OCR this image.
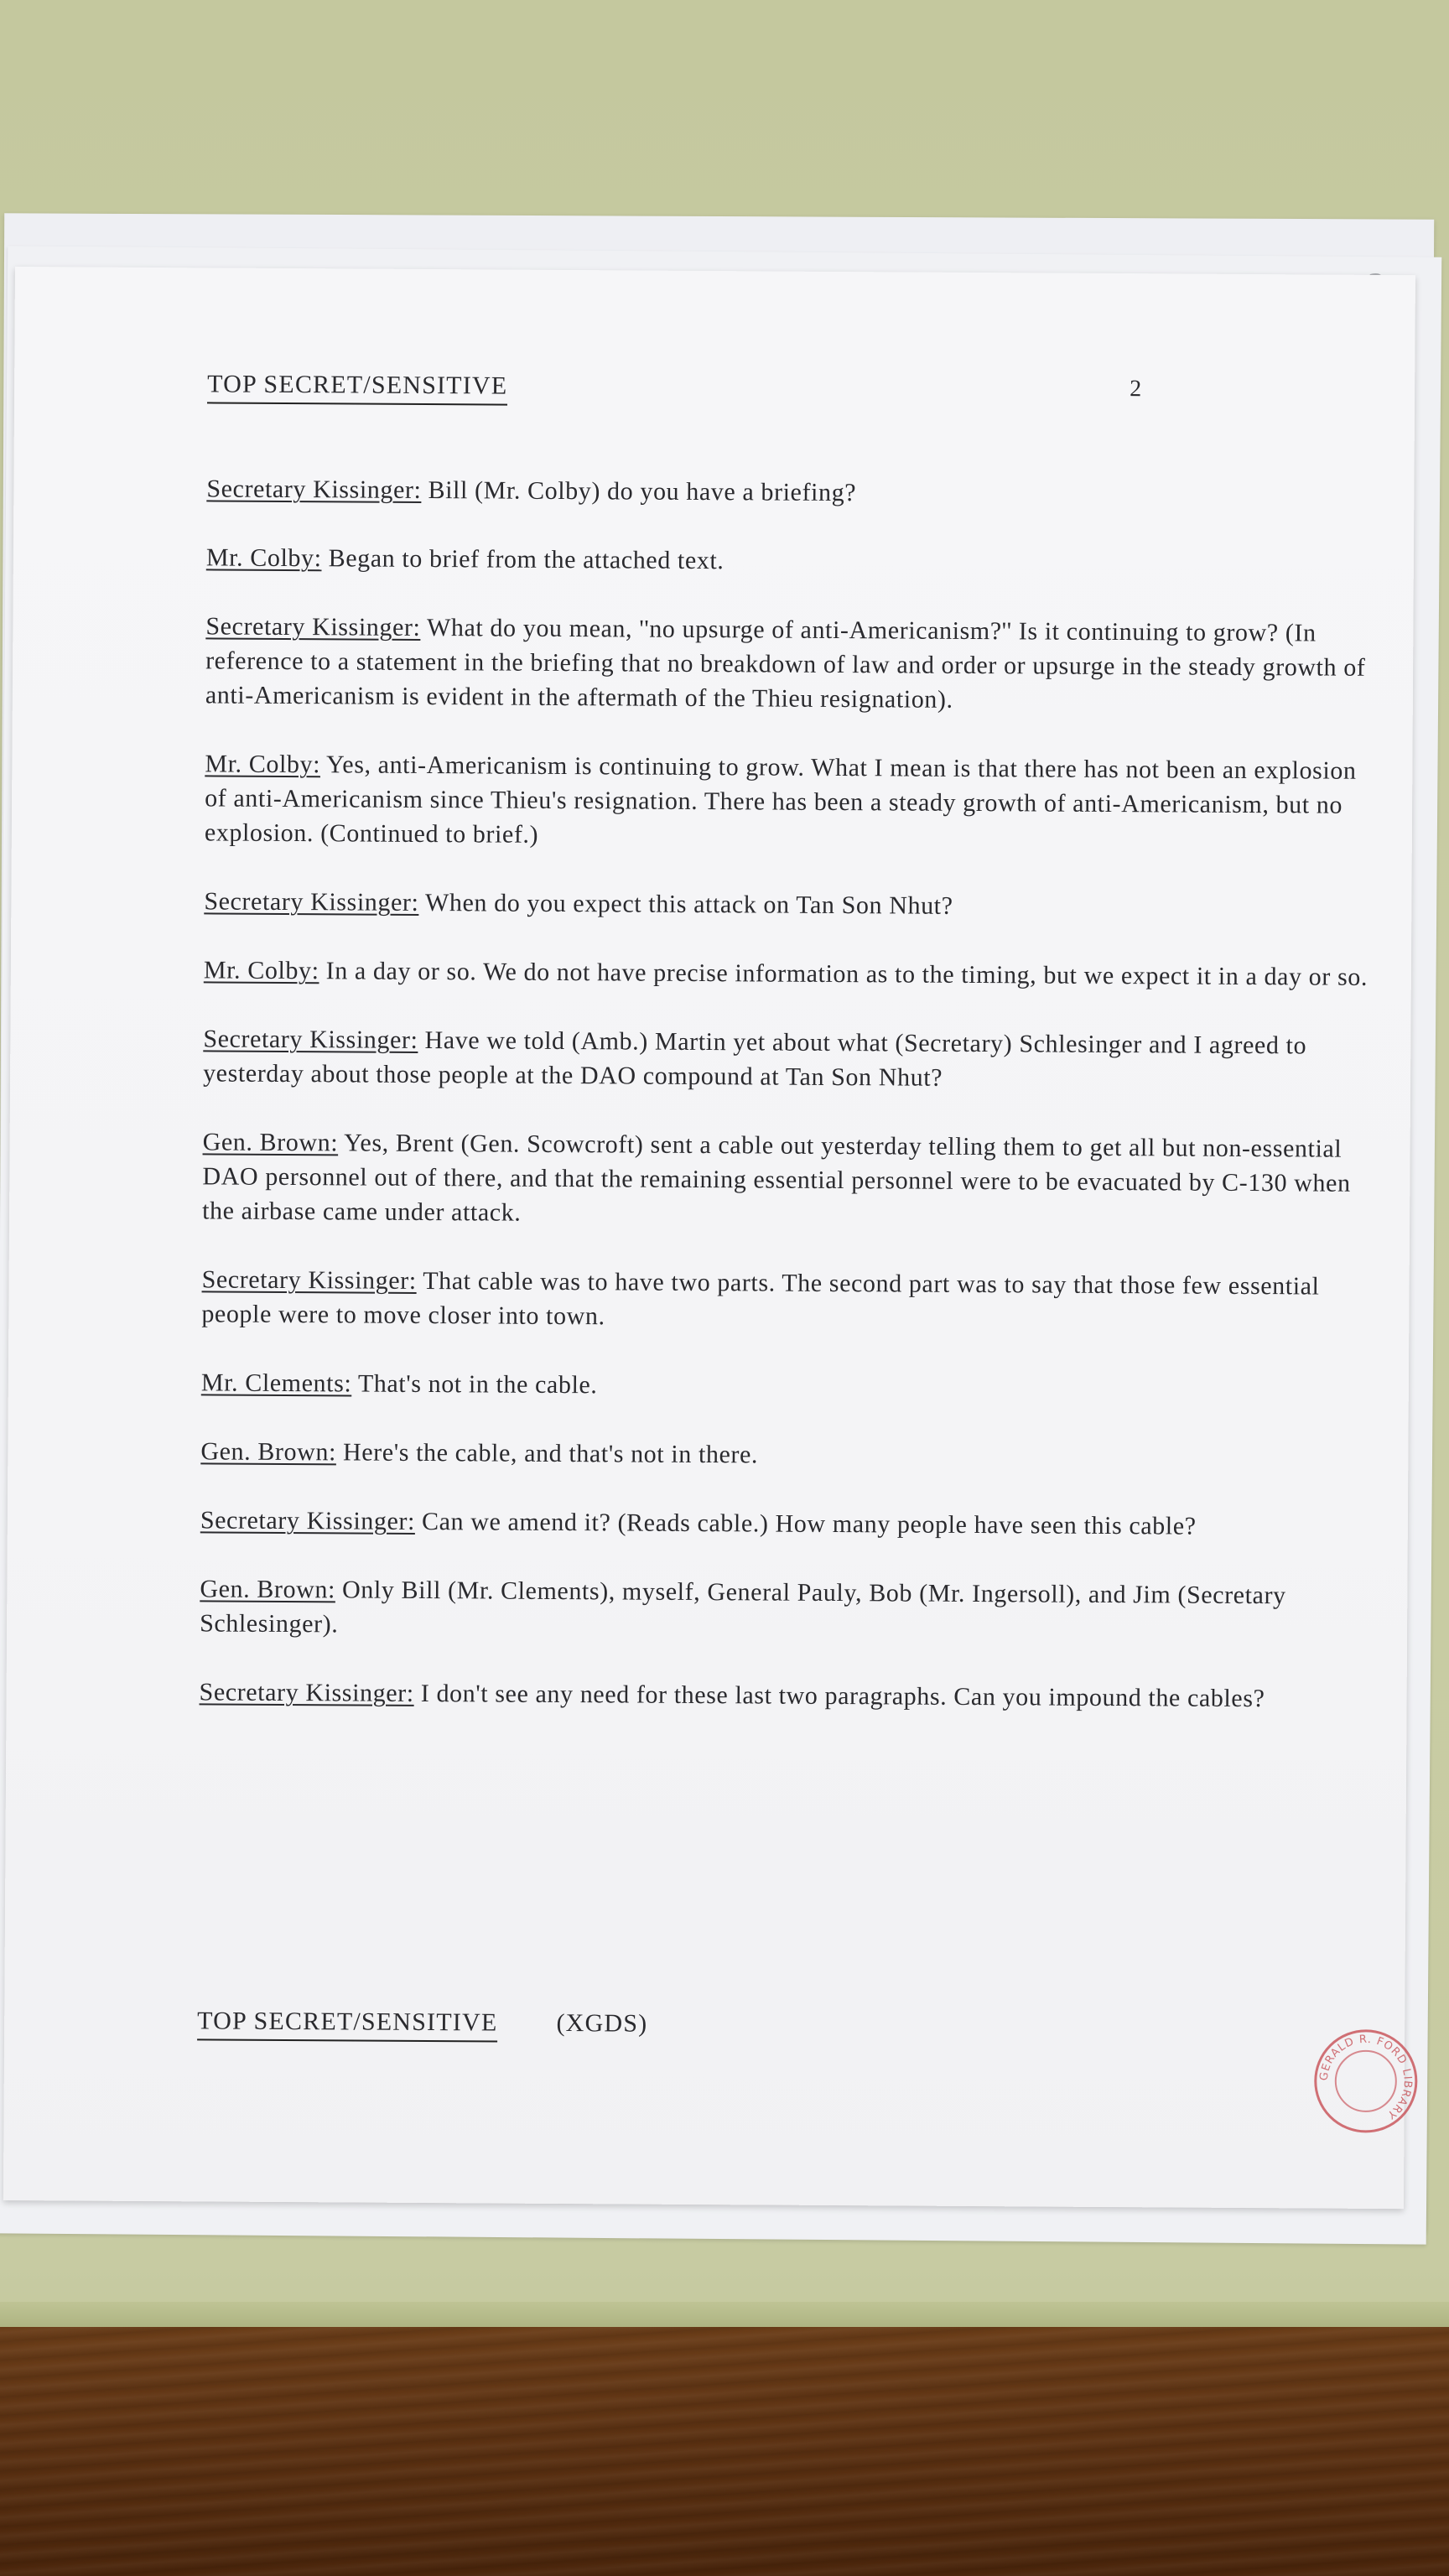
TOP SECRET/SENSITIVE	2

Secretary Kissinger: Bill (Mr. Colby) do you have a briefing?

Mr. Colby: Began to brief from the attached text.

Secretary Kissinger: What do you mean, ''no upsurge of anti-Americanism?'' Is it continuing to grow? (In reference to a statement in the briefing that no breakdown of law and order or upsurge in the steady growth of anti-Americanism is evident in the aftermath of the Thieu resignation).

Mr. Colby: Yes, anti-Americanism is continuing to grow. What I mean is that there has not been an explosion of anti-Americanism since Thieu's resignation. There has been a steady growth of anti-Americanism, but no explosion. (Continued to brief.)

Secretary Kissinger: When do you expect this attack on Tan Son Nhut?

Mr. Colby: In a day or so. We do not have precise information as to the timing, but we expect it in a day or so.

Secretary Kissinger: Have we told (Amb.) Martin yet about what (Secretary) Schlesinger and I agreed to yesterday about those people at the DAO compound at Tan Son Nhut?

Gen. Brown: Yes, Brent (Gen. Scowcroft) sent a cable out yesterday telling them to get all but non-essential DAO personnel out of there, and that the remaining essential personnel were to be evacuated by C-130 when the airbase came under attack.

Secretary Kissinger: That cable was to have two parts. The second part was to say that those few essential people were to move closer into town.

Mr. Clements: That's not in the cable.

Gen. Brown: Here's the cable, and that's not in there.

Secretary Kissinger: Can we amend it? (Reads cable.) How many people have seen this cable?

Gen. Brown: Only Bill (Mr. Clements), myself, General Pauly, Bob (Mr. Ingersoll), and Jim (Secretary Schlesinger).

Secretary Kissinger: I don't see any need for these last two paragraphs. Can you impound the cables?

TOP SECRET/SENSITIVE (XGDS)
GERALD R. FORD LIBRARY
